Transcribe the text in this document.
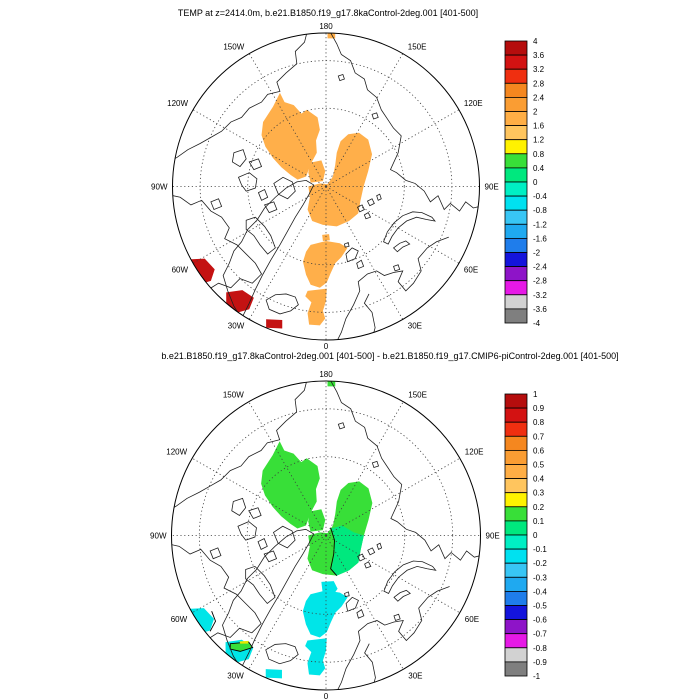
TEMP at z=2414.0m, b.e21.B1850.f19_g17.8kaControl-2deg.001 [401-500]
180
150W
120W
90W
60W
30W
0
30E
60E
90E
120E
150E
4
3.6
3.2
2.8
2.4
2
1.6
1.2
0.8
0.4
0
-0.4
-0.8
-1.2
-1.6
-2
-2.4
-2.8
-3.2
-3.6
-4
b.e21.B1850.f19_g17.8kaControl-2deg.001 [401-500] - b.e21.B1850.f19_g17.CMIP6-piControl-2deg.001 [401-500]
180
150W
120W
90W
60W
30W
0
30E
60E
90E
120E
150E	1
0.9
0.8
0.7
0.6
0.5
0.4
0.3
0.2
0.1
0
-0.1
-0.2
-0.3
-0.4
-0.5
-0.6
-0.7
-0.8
-0.9
-1
